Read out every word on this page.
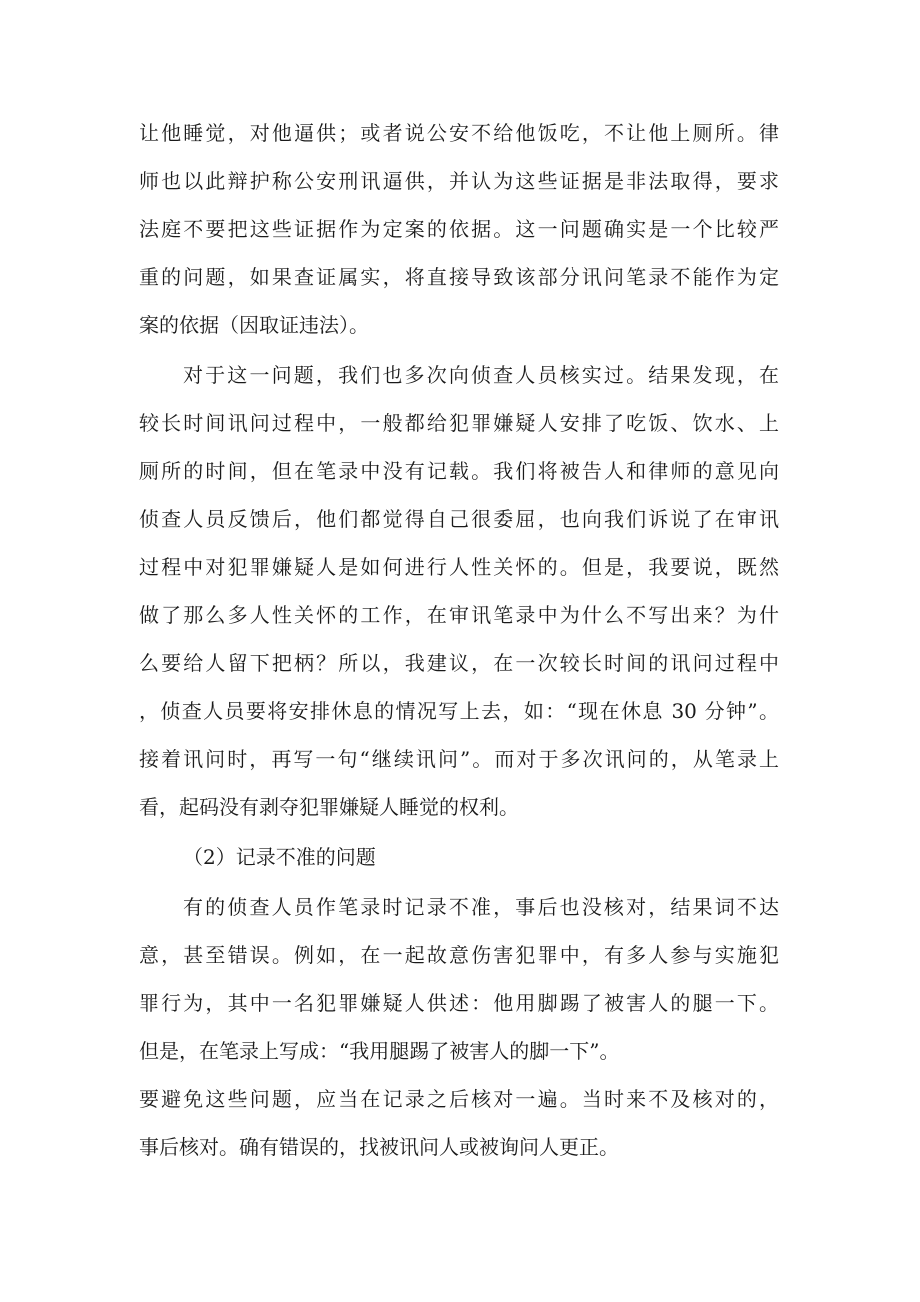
让他睡觉，对他逼供；或者说公安不给他饭吃，不让他上厕所。律
师也以此辩护称公安刑讯逼供，并认为这些证据是非法取得，要求
法庭不要把这些证据作为定案的依据。这一问题确实是一个比较严
重的问题，如果查证属实，将直接导致该部分讯问笔录不能作为定
案的依据（因取证违法）。
对于这一问题，我们也多次向侦查人员核实过。结果发现，在
较长时间讯问过程中，一般都给犯罪嫌疑人安排了吃饭、饮水、上
厕所的时间，但在笔录中没有记载。我们将被告人和律师的意见向
侦查人员反馈后，他们都觉得自己很委屈，也向我们诉说了在审讯
过程中对犯罪嫌疑人是如何进行人性关怀的。但是，我要说，既然
做了那么多人性关怀的工作，在审讯笔录中为什么不写出来？为什
么要给人留下把柄？所以，我建议，在一次较长时间的讯问过程中
，侦查人员要将安排休息的情况写上去，如：“现在休息 30 分钟”。
接着讯问时，再写一句“继续讯问”。而对于多次讯问的，从笔录上
看，起码没有剥夺犯罪嫌疑人睡觉的权利。
（2）记录不准的问题
有的侦查人员作笔录时记录不准，事后也没核对，结果词不达
意，甚至错误。例如，在一起故意伤害犯罪中，有多人参与实施犯
罪行为，其中一名犯罪嫌疑人供述：他用脚踢了被害人的腿一下。
但是，在笔录上写成：“我用腿踢了被害人的脚一下”。
要避免这些问题，应当在记录之后核对一遍。当时来不及核对的，
事后核对。确有错误的，找被讯问人或被询问人更正。
